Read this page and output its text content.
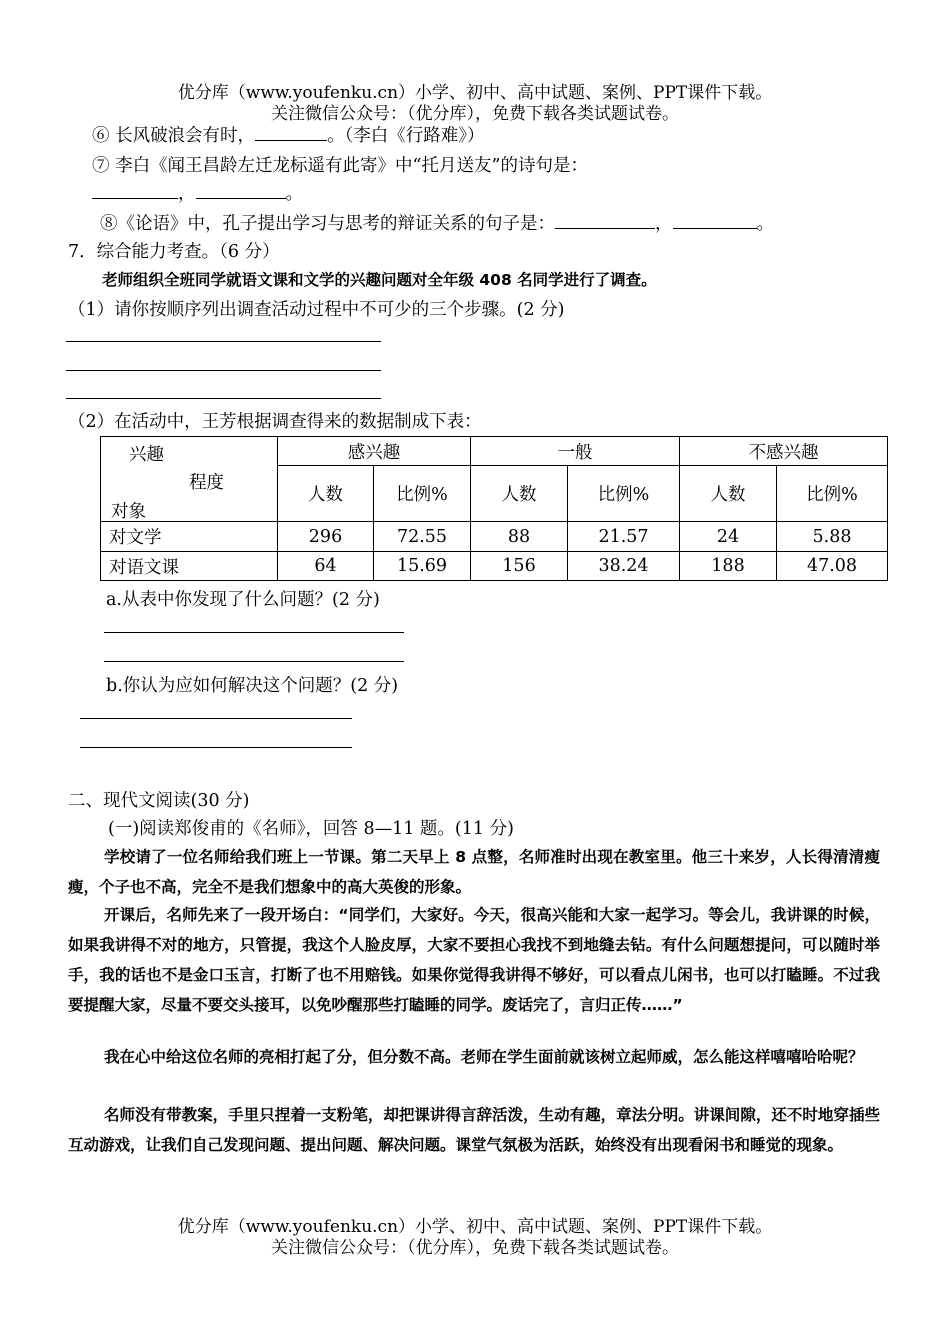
优分库（www.youfenku.cn）小学、初中、高中试题、案例、PPT课件下载。
关注微信公众号：（优分库），免费下载各类试题试卷。
⑥ 长风破浪会有时，	。（李白《行路难》）
⑦ 李白《闻王昌龄左迁龙标遥有此寄》中“托月送友”的诗句是：
，	。
⑧《论语》中，孔子提出学习与思考的辩证关系的句子是：	，	。
7．综合能力考查。（6 分）
老师组织全班同学就语文课和文学的兴趣问题对全年级 408 名同学进行了调查。
（1）请你按顺序列出调查活动过程中不可少的三个步骤。(2 分)
（2）在活动中，王芳根据调查得来的数据制成下表：
兴趣
程度
对象	感兴趣		一般		不感兴趣	
	人数	比例%	人数	比例%	人数	比例%
对文学	296	72.55	88	21.57	24	5.88
对语文课	64	15.69	156	38.24	188	47.08
a.从表中你发现了什么问题？(2 分)
b.你认为应如何解决这个问题？(2 分)
二、现代文阅读(30 分)
(一)阅读郑俊甫的《名师》，回答 8—11 题。(11 分)
学校请了一位名师给我们班上一节课。第二天早上 8 点整，名师准时出现在教室里。他三十来岁，人长得清清瘦瘦，个子也不高，完全不是我们想象中的高大英俊的形象。
开课后，名师先来了一段开场白：“同学们，大家好。今天，很高兴能和大家一起学习。等会儿，我讲课的时候，如果我讲得不对的地方，只管提，我这个人脸皮厚，大家不要担心我找不到地缝去钻。有什么问题想提问，可以随时举手，我的话也不是金口玉言，打断了也不用赔钱。如果你觉得我讲得不够好，可以看点儿闲书，也可以打瞌睡。不过我要提醒大家，尽量不要交头接耳，以免吵醒那些打瞌睡的同学。废话完了，言归正传……”
我在心中给这位名师的亮相打起了分，但分数不高。老师在学生面前就该树立起师威，怎么能这样嘻嘻哈哈呢？
名师没有带教案，手里只捏着一支粉笔，却把课讲得言辞活泼，生动有趣，章法分明。讲课间隙，还不时地穿插些互动游戏，让我们自己发现问题、提出问题、解决问题。课堂气氛极为活跃，始终没有出现看闲书和睡觉的现象。
优分库（www.youfenku.cn）小学、初中、高中试题、案例、PPT课件下载。
关注微信公众号：（优分库），免费下载各类试题试卷。
